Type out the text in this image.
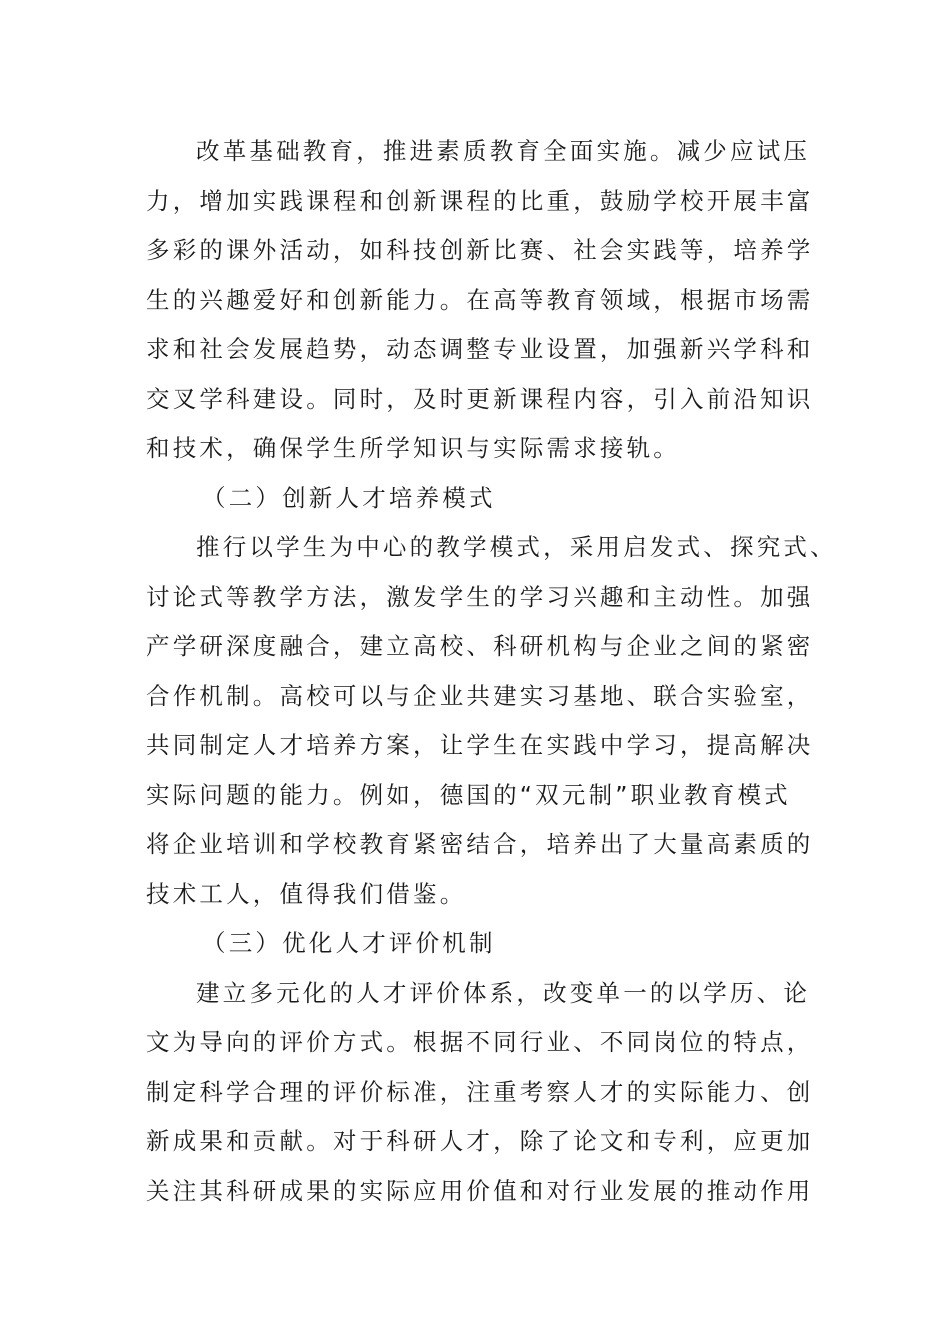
改革基础教育，推进素质教育全面实施。减少应试压
力，增加实践课程和创新课程的比重，鼓励学校开展丰富
多彩的课外活动，如科技创新比赛、社会实践等，培养学
生的兴趣爱好和创新能力。在高等教育领域，根据市场需
求和社会发展趋势，动态调整专业设置，加强新兴学科和
交叉学科建设。同时，及时更新课程内容，引入前沿知识
和技术，确保学生所学知识与实际需求接轨。
（二）创新人才培养模式
推行以学生为中心的教学模式，采用启发式、探究式、
讨论式等教学方法，激发学生的学习兴趣和主动性。加强
产学研深度融合，建立高校、科研机构与企业之间的紧密
合作机制。高校可以与企业共建实习基地、联合实验室，
共同制定人才培养方案，让学生在实践中学习，提高解决
实际问题的能力。例如，德国的“双元制”职业教育模式
将企业培训和学校教育紧密结合，培养出了大量高素质的
技术工人，值得我们借鉴。
（三）优化人才评价机制
建立多元化的人才评价体系，改变单一的以学历、论
文为导向的评价方式。根据不同行业、不同岗位的特点，
制定科学合理的评价标准，注重考察人才的实际能力、创
新成果和贡献。对于科研人才，除了论文和专利，应更加
关注其科研成果的实际应用价值和对行业发展的推动作用
